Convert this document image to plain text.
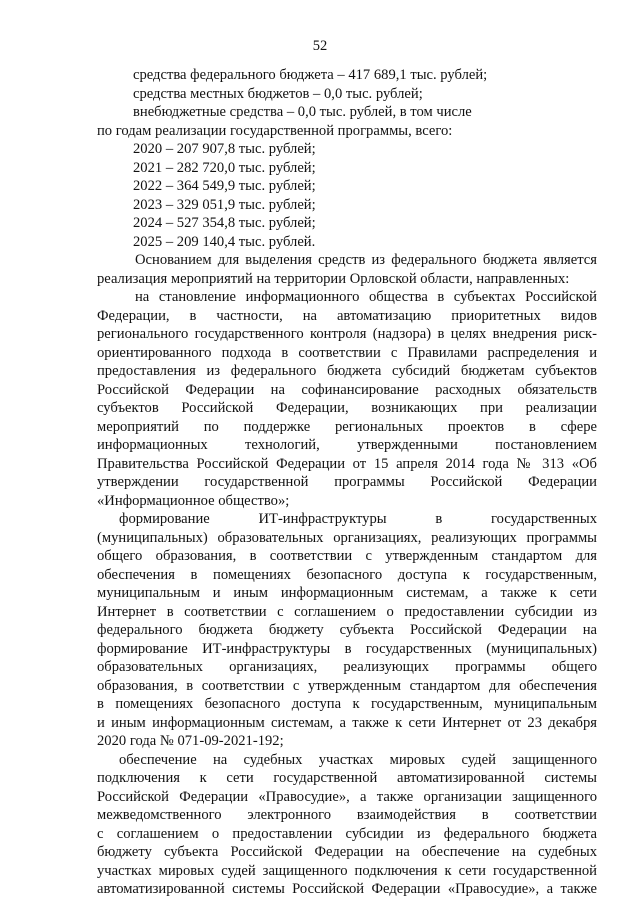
52
средства федерального бюджета – 417 689,1 тыс. рублей;
средства местных бюджетов – 0,0 тыс. рублей;
внебюджетные средства – 0,0 тыс. рублей, в том числе
по годам реализации государственной программы, всего:
2020 – 207 907,8 тыс. рублей;
2021 – 282 720,0 тыс. рублей;
2022 – 364 549,9 тыс. рублей;
2023 – 329 051,9 тыс. рублей;
2024 – 527 354,8 тыс. рублей;
2025 – 209 140,4 тыс. рублей.
Основанием для выделения средств из федерального бюджета является
реализация мероприятий на территории Орловской области, направленных:
на становление информационного общества в субъектах Российской
Федерации, в частности, на автоматизацию приоритетных видов
регионального государственного контроля (надзора) в целях внедрения риск-
ориентированного подхода в соответствии с Правилами распределения и
предоставления из федерального бюджета субсидий бюджетам субъектов
Российской Федерации на софинансирование расходных обязательств
субъектов Российской Федерации, возникающих при реализации
мероприятий по поддержке региональных проектов в сфере
информационных технологий, утвержденными постановлением
Правительства Российской Федерации от 15 апреля 2014 года № 313 «Об
утверждении государственной программы Российской Федерации
«Информационное общество»;
формирование ИТ-инфраструктуры в государственных
(муниципальных) образовательных организациях, реализующих программы
общего образования, в соответствии с утвержденным стандартом для
обеспечения в помещениях безопасного доступа к государственным,
муниципальным и иным информационным системам, а также к сети
Интернет в соответствии с соглашением о предоставлении субсидии из
федерального бюджета бюджету субъекта Российской Федерации на
формирование ИТ-инфраструктуры в государственных (муниципальных)
образовательных организациях, реализующих программы общего
образования, в соответствии с утвержденным стандартом для обеспечения
в помещениях безопасного доступа к государственным, муниципальным
и иным информационным системам, а также к сети Интернет от 23 декабря
2020 года № 071-09-2021-192;
обеспечение на судебных участках мировых судей защищенного
подключения к сети государственной автоматизированной системы
Российской Федерации «Правосудие», а также организации защищенного
межведомственного электронного взаимодействия в соответствии
с соглашением о предоставлении субсидии из федерального бюджета
бюджету субъекта Российской Федерации на обеспечение на судебных
участках мировых судей защищенного подключения к сети государственной
автоматизированной системы Российской Федерации «Правосудие», а также
